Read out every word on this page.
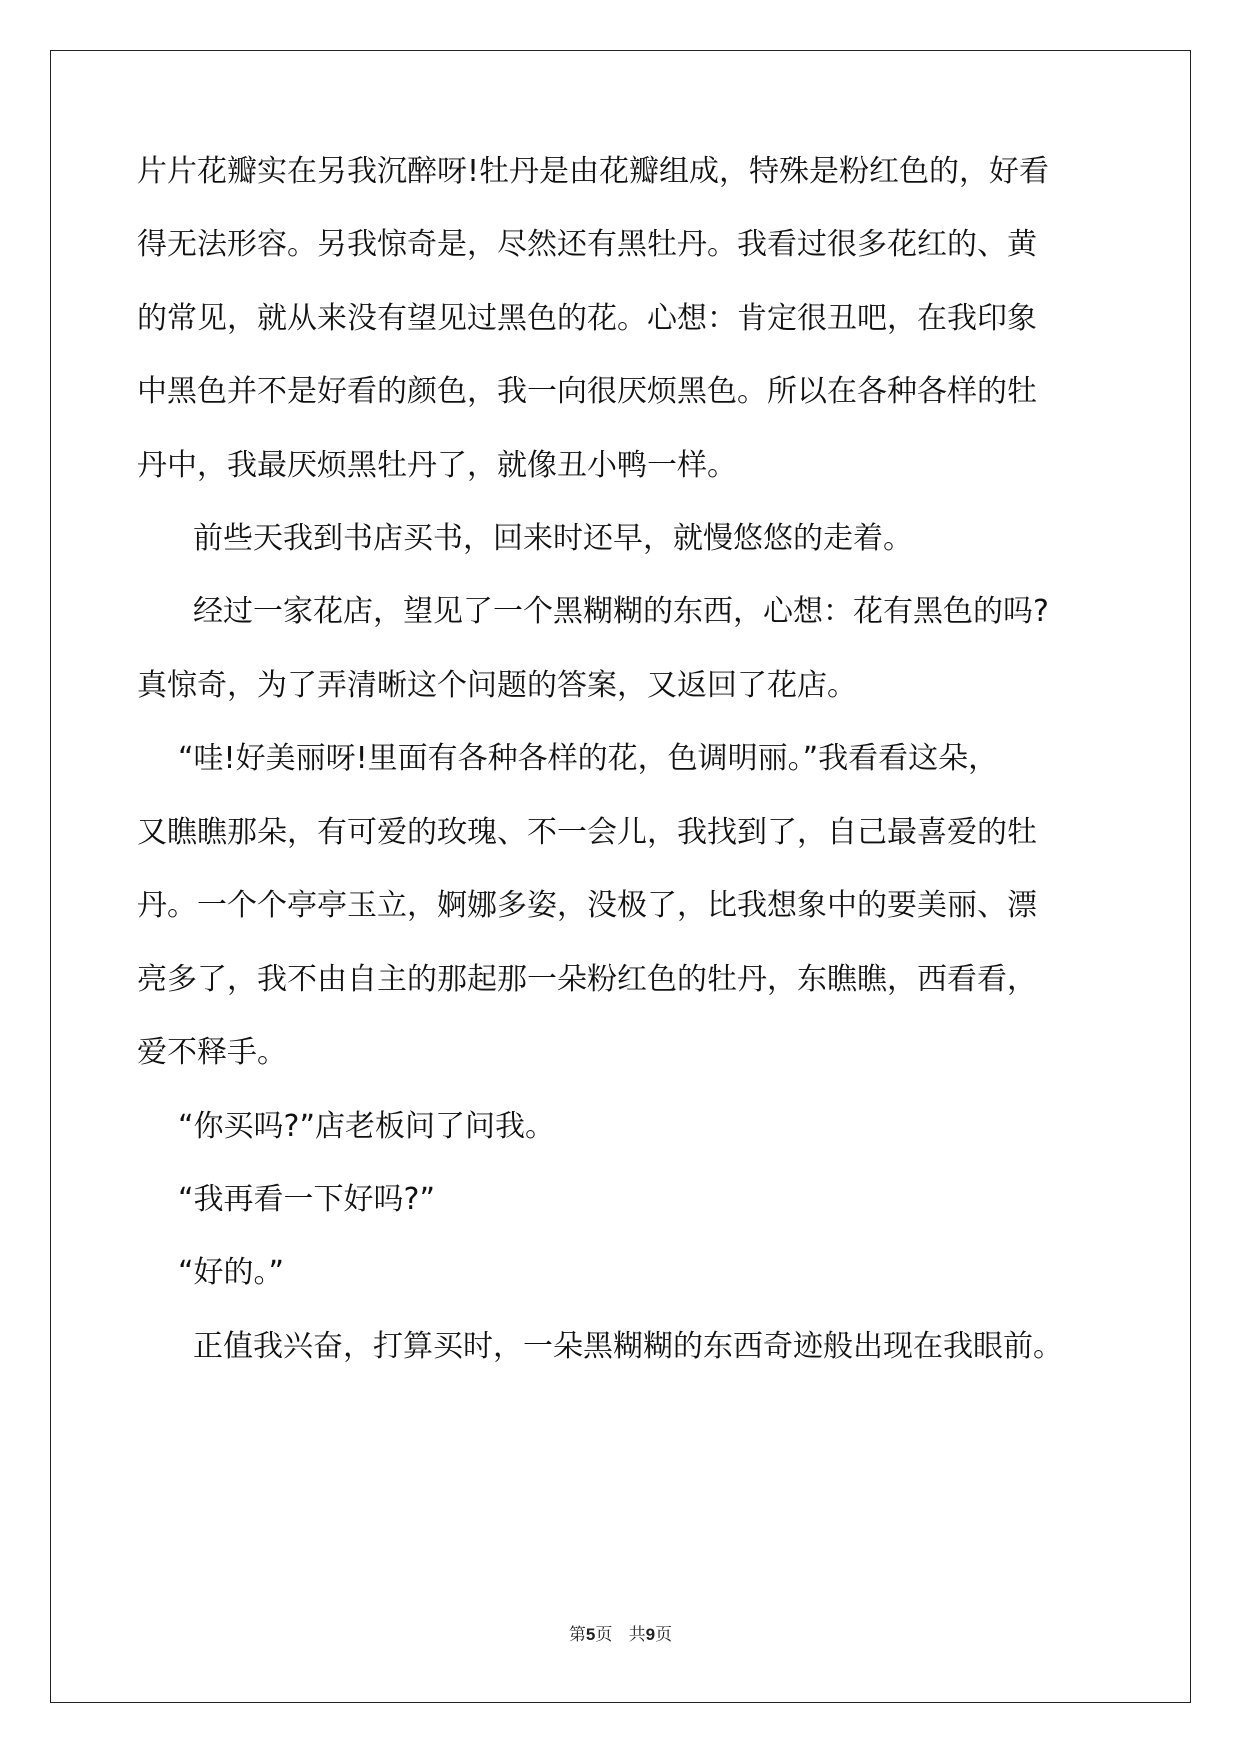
片片花瓣实在另我沉醉呀!牡丹是由花瓣组成，特殊是粉红色的，好看
得无法形容。另我惊奇是，尽然还有黑牡丹。我看过很多花红的、黄
的常见，就从来没有望见过黑色的花。心想：肯定很丑吧，在我印象
中黑色并不是好看的颜色，我一向很厌烦黑色。所以在各种各样的牡
丹中，我最厌烦黑牡丹了，就像丑小鸭一样。
前些天我到书店买书，回来时还早，就慢悠悠的走着。
经过一家花店，望见了一个黑糊糊的东西，心想：花有黑色的吗?
真惊奇，为了弄清晰这个问题的答案，又返回了花店。
“哇!好美丽呀!里面有各种各样的花，色调明丽。”我看看这朵，
又瞧瞧那朵，有可爱的玫瑰、不一会儿，我找到了，自己最喜爱的牡
丹。一个个亭亭玉立，婀娜多姿，没极了，比我想象中的要美丽、漂
亮多了，我不由自主的那起那一朵粉红色的牡丹，东瞧瞧，西看看，
爱不释手。
“你买吗?”店老板问了问我。
“我再看一下好吗?”
“好的。”
正值我兴奋，打算买时，一朵黑糊糊的东西奇迹般出现在我眼前。
第5页 共9页
